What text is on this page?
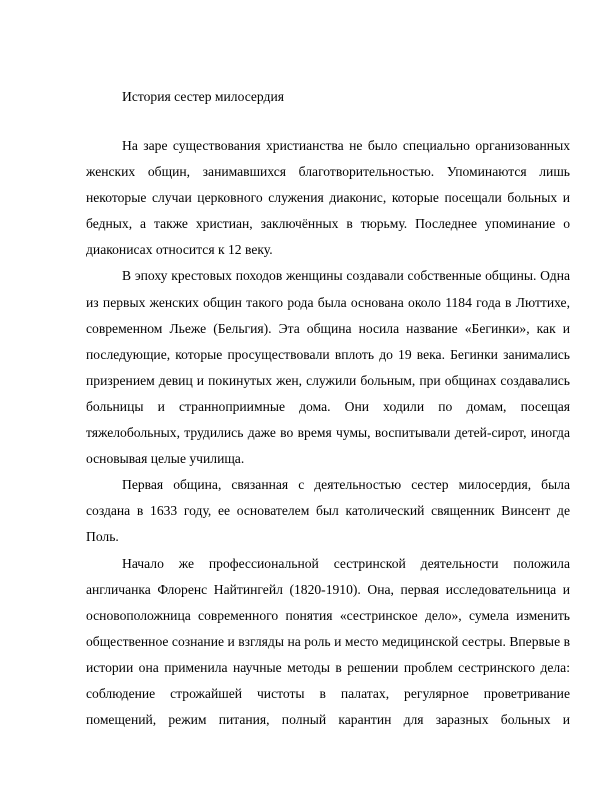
История сестер милосердия

На заре существования христианства не было специально организованных женских общин, занимавшихся благотворительностью. Упоминаются лишь некоторые случаи церковного служения диаконис, которые посещали больных и бедных, а также христиан, заключённых в тюрьму. Последнее упоминание о диаконисах относится к 12 веку.

В эпоху крестовых походов женщины создавали собственные общины. Одна из первых женских общин такого рода была основана около 1184 года в Люттихе, современном Льеже (Бельгия). Эта община носила название «Бегинки», как и последующие, которые просуществовали вплоть до 19 века. Бегинки занимались призрением девиц и покинутых жен, служили больным, при общинах создавались больницы и странноприимные дома. Они ходили по домам, посещая тяжелобольных, трудились даже во время чумы, воспитывали детей-сирот, иногда основывая целые училища.

Первая община, связанная с деятельностью сестер милосердия, была создана в 1633 году, ее основателем был католический священник Винсент де Поль.

Начало же профессиональной сестринской деятельности положила англичанка Флоренс Найтингейл (1820-1910). Она, первая исследовательница и основоположница современного понятия «сестринское дело», сумела изменить общественное сознание и взгляды на роль и место медицинской сестры. Впервые в истории она применила научные методы в решении проблем сестринского дела: соблюдение строжайшей чистоты в палатах, регулярное проветривание помещений, режим питания, полный карантин для заразных больных и
